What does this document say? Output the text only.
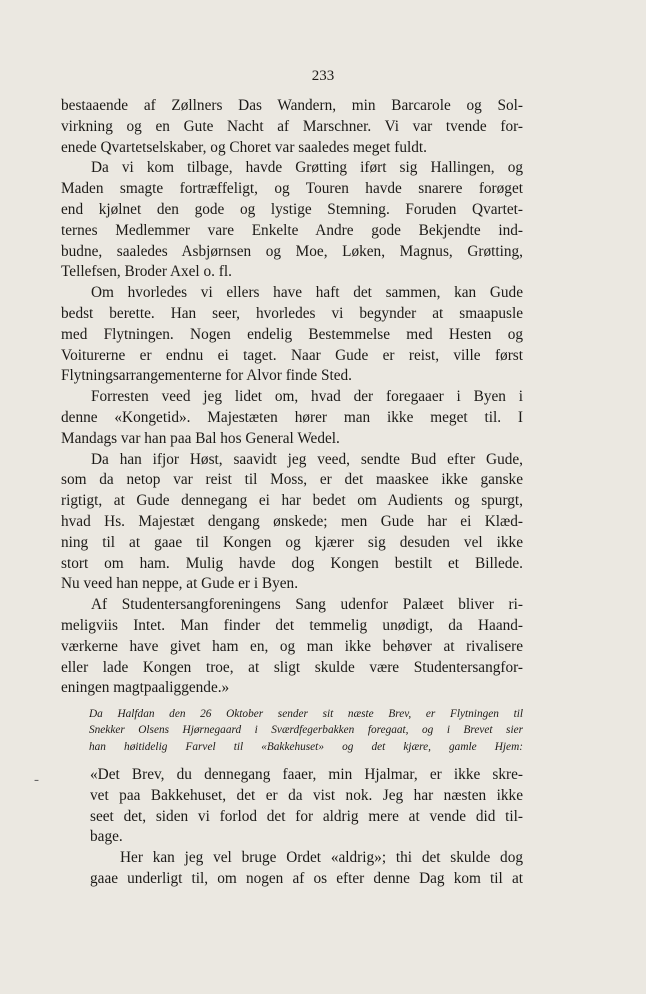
233
bestaaende af Zøllners Das Wandern, min Barcarole og Sol-
virkning og en Gute Nacht af Marschner. Vi var tvende for-
enede Qvartetselskaber, og Choret var saaledes meget fuldt.
Da vi kom tilbage, havde Grøtting iført sig Hallingen, og
Maden smagte fortræffeligt, og Touren havde snarere forøget
end kjølnet den gode og lystige Stemning. Foruden Qvartet-
ternes Medlemmer vare Enkelte Andre gode Bekjendte ind-
budne, saaledes Asbjørnsen og Moe, Løken, Magnus, Grøtting,
Tellefsen, Broder Axel o. fl.
Om hvorledes vi ellers have haft det sammen, kan Gude
bedst berette. Han seer, hvorledes vi begynder at smaapusle
med Flytningen. Nogen endelig Bestemmelse med Hesten og
Voiturerne er endnu ei taget. Naar Gude er reist, ville først
Flytningsarrangementerne for Alvor finde Sted.
Forresten veed jeg lidet om, hvad der foregaaer i Byen i
denne «Kongetid». Majestæten hører man ikke meget til. I
Mandags var han paa Bal hos General Wedel.
Da han ifjor Høst, saavidt jeg veed, sendte Bud efter Gude,
som da netop var reist til Moss, er det maaskee ikke ganske
rigtigt, at Gude dennegang ei har bedet om Audients og spurgt,
hvad Hs. Majestæt dengang ønskede; men Gude har ei Klæd-
ning til at gaae til Kongen og kjærer sig desuden vel ikke
stort om ham. Mulig havde dog Kongen bestilt et Billede.
Nu veed han neppe, at Gude er i Byen.
Af Studentersangforeningens Sang udenfor Palæet bliver ri-
meligviis Intet. Man finder det temmelig unødigt, da Haand-
værkerne have givet ham en, og man ikke behøver at rivalisere
eller lade Kongen troe, at sligt skulde være Studentersangfor-
eningen magtpaaliggende.»
Da Halfdan den 26 Oktober sender sit næste Brev, er Flytningen til
Snekker Olsens Hjørnegaard i Sværdfegerbakken foregaat, og i Brevet sier
han høitidelig Farvel til «Bakkehuset» og det kjære, gamle Hjem:
-	«Det Brev, du dennegang faaer, min Hjalmar, er ikke skre-
vet paa Bakkehuset, det er da vist nok. Jeg har næsten ikke
seet det, siden vi forlod det for aldrig mere at vende did til-
bage.
Her kan jeg vel bruge Ordet «aldrig»; thi det skulde dog
gaae underligt til, om nogen af os efter denne Dag kom til at
